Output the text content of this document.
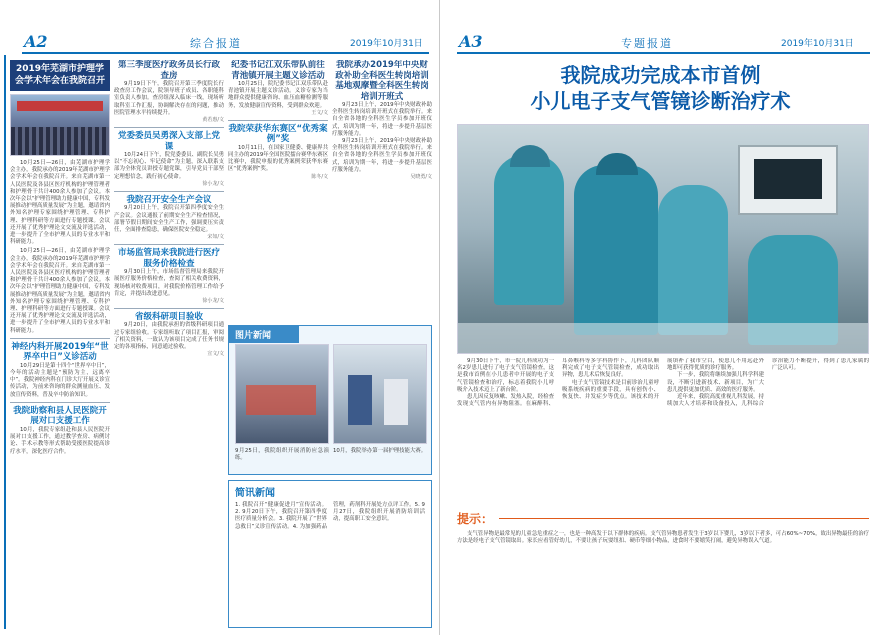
A2	综合报道	2019年10月31日
2019年芜湖市护理学会学术年会在我院召开
10月25日—26日，由芜湖市护理学会主办，我院承办的2019年芜湖市护理学会学术年会在我院召开。来自芜湖市第一人民医院及各县区医疗机构的护理管理者和护理骨干共计400余人参加了会议。本次年会以“护理管理助力健康中国，专科发展推动护理高质量发展”为主题，邀请省内外知名护理专家围绕护理管理、专科护理、护理科研等方面进行专题授课。会议还开展了优秀护理论文交流及评选活动，进一步提升了全市护理人员的专业水平和科研能力。
10月25日—26日，由芜湖市护理学会主办，我院承办的2019年芜湖市护理学会学术年会在我院召开。来自芜湖市第一人民医院及各县区医疗机构的护理管理者和护理骨干共计400余人参加了会议。本次年会以“护理管理助力健康中国，专科发展推动护理高质量发展”为主题，邀请省内外知名护理专家围绕护理管理、专科护理、护理科研等方面进行专题授课。会议还开展了优秀护理论文交流及评选活动，进一步提升了全市护理人员的专业水平和科研能力。
神经内科开展2019年“世界卒中日”义诊活动
10月29日是第十四个“世界卒中日”，今年的活动主题是“预防为主，远离卒中”。我院神经内科在门诊大厅开展义诊宣传活动，为前来咨询的群众测量血压、发放宣传资料，普及卒中防治知识。
我院助察和县人民医院开展对口支援工作
10月，我院专家组赴和县人民医院开展对口支援工作，通过教学查房、病例讨论、手术示教等形式帮助受援医院提高诊疗水平，深化医疗合作。
第三季度医疗政务员长行政查房
9月19日下午，我院召开第三季度院长行政查房工作会议，院领导班子成员、各职能科室负责人参加。查房组深入临床一线，现场听取科室工作汇报，协调解决存在的问题，推动医院管理水平持续提升。
黄若惠/文
党委委员吴勇深入支部上党课
10月24日下午，院党委委员、副院长吴勇以“不忘初心、牢记使命”为主题，深入联系支部为全体党员讲授专题党课，引导党员干部坚定理想信念，践行初心使命。
徐小龙/文
我院召开安全生产会议
9月20日上午，我院召开第四季度安全生产会议。会议通报了前期安全生产检查情况，部署节假日期间安全生产工作，强调要压实责任，全面排查隐患，确保医院安全稳定。
宋如/文
市场监管局来我院进行医疗服务价格检查
9月30日上午，市场监督管理局来我院开展医疗服务价格检查，查阅了相关收费资料，现场核对收费项目，对我院价格管理工作给予肯定，并提出改进意见。
徐小龙/文
省级科研项目验收
9月20日，由我院承担的省级科研项目通过专家组验收。专家组听取了项目汇报，审阅了相关资料，一致认为该项目完成了任务书规定的各项指标，同意通过验收。
宣文/文
纪委书记江双乐带队前往青池镇开展主题义诊活动
10月25日，院纪委书记江双乐带队赴青池镇开展主题义诊活动。义诊专家为当地群众提供健康咨询、血压血糖检测等服务，发放健康宣传资料，受到群众欢迎。
王文/文
我院荣获华东赛区“优秀案例”奖
10月11日，在国家卫健委、健康界共同主办的2019年全国医院擂台赛华东赛区比赛中，我院申报的优秀案例荣获华东赛区“优秀案例”奖。
陈冬/文
我院承办2019年中央财政补助全科医生转岗培训基地观摩暨全科医生转岗培训开班式
9月23日上午，2019年中央财政补助全科医生转岗培训开班式在我院举行。来自全省各地的全科医生学员参加开班仪式，培训为期一年，将进一步提升基层医疗服务能力。
9月23日上午，2019年中央财政补助全科医生转岗培训开班式在我院举行。来自全省各地的全科医生学员参加开班仪式，培训为期一年，将进一步提升基层医疗服务能力。
吴晓勇/文
图片新闻
9月25日，我院组织开展消防应急演练。
10月，我院举办第一届护理技能大赛。
简讯新闻
1. 我院召开“健康促进月”宣传活动。2. 9月20日下午，我院召开第四季度医疗质量分析会。3. 我院开展了“世界急救日”义诊宣传活动。4. 为加强药品管理，药剂科开展处方点评工作。5. 9月27日，我院组织开展消防培训活动，提高职工安全意识。
A3	专题报道	2019年10月31日
我院成功完成本市首例
小儿电子支气管镜诊断治疗术

9月30日下午，市一院儿科成功为一名2岁患儿进行了电子支气管镜检查，这是我市首例在小儿患者中开展的电子支气管镜检查和治疗，标志着我院小儿呼吸介入技术迈上了新台阶。

患儿因反复咳嗽、发热入院，经检查发现支气管内有异物阻塞。在麻醉科、耳鼻喉科等多学科协作下，儿科团队顺利完成了电子支气管镜检查，成功取出异物，患儿术后恢复良好。

电子支气管镜技术是目前诊治儿童呼吸系统疾病的重要手段，具有创伤小、恢复快、并发症少等优点。该技术的开展填补了我市空白，使患儿不用远赴外地即可获得优质的诊疗服务。

下一步，我院将继续加强儿科学科建设，不断引进新技术、新项目，为广大患儿提供更加优质、高效的医疗服务。

近年来，我院高度重视儿科发展，持续加大人才培养和设备投入，儿科综合诊治能力不断提升，得到了患儿家属的广泛认可。

提示：
支气管异物是最常见的儿童急危重症之一，也是一种高发于以下群体的疾病。支气管异物患者发生于3岁以下婴儿，3岁以下者多，可占60%~70%，故出异物最佳的治疗方法是经电子支气管镜取出。家长应看管好幼儿，不要让孩子玩耍纽扣、硬币等细小物品，进食时不要嬉笑打闹，避免异物误入气道。
